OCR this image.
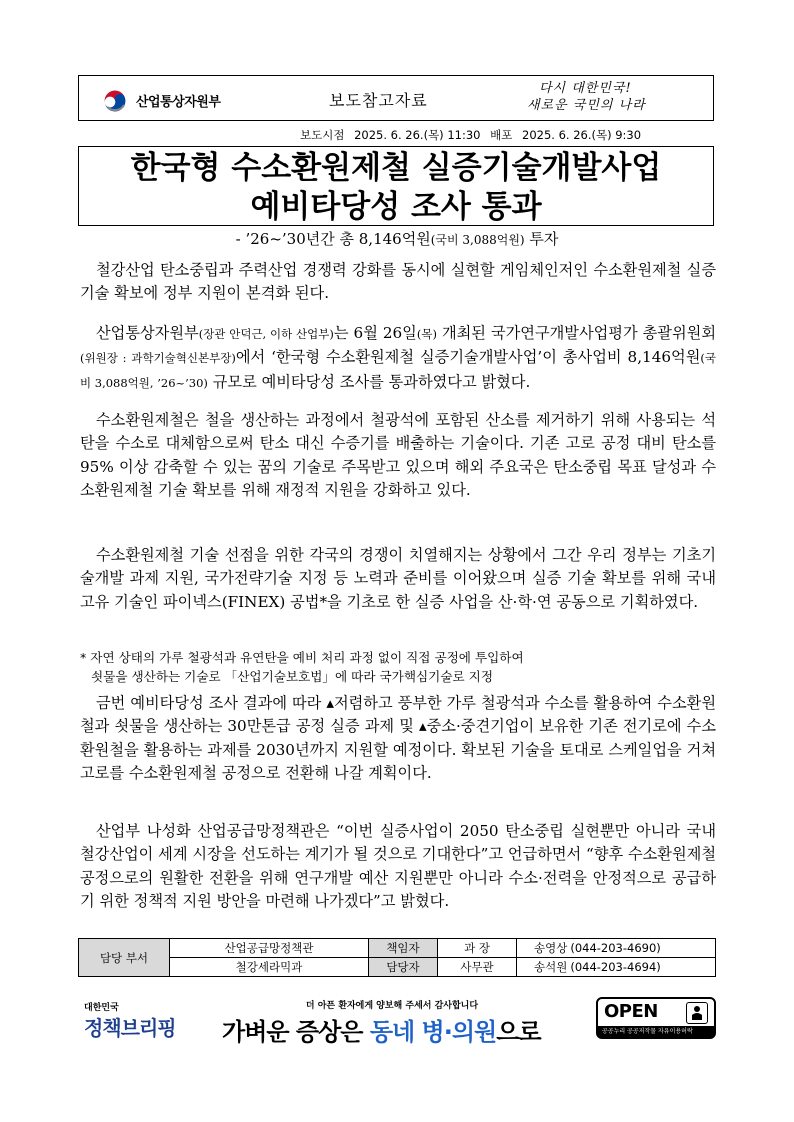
산업통상자원부	보도참고자료
다시 대한민국!
새로운 국민의 나라
보도시점 2025. 6. 26.(목) 11:30 배포 2025. 6. 26.(목) 9:30
한국형 수소환원제철 실증기술개발사업
예비타당성 조사 통과
- ’26~’30년간 총 8,146억원(국비 3,088억원) 투자

철강산업 탄소중립과 주력산업 경쟁력 강화를 동시에 실현할 게임체인저인 수소환원제철 실증기술 확보에 정부 지원이 본격화 된다.

산업통상자원부(장관 안덕근, 이하 산업부)는 6월 26일(목) 개최된 국가연구개발사업평가 총괄위원회(위원장 : 과학기술혁신본부장)에서 ‘한국형 수소환원제철 실증기술개발사업’이 총사업비 8,146억원(국비 3,088억원, ’26~’30) 규모로 예비타당성 조사를 통과하였다고 밝혔다.

수소환원제철은 철을 생산하는 과정에서 철광석에 포함된 산소를 제거하기 위해 사용되는 석탄을 수소로 대체함으로써 탄소 대신 수증기를 배출하는 기술이다. 기존 고로 공정 대비 탄소를 95% 이상 감축할 수 있는 꿈의 기술로 주목받고 있으며 해외 주요국은 탄소중립 목표 달성과 수소환원제철 기술 확보를 위해 재정적 지원을 강화하고 있다.

수소환원제철 기술 선점을 위한 각국의 경쟁이 치열해지는 상황에서 그간 우리 정부는 기초기술개발 과제 지원, 국가전략기술 지정 등 노력과 준비를 이어왔으며 실증 기술 확보를 위해 국내 고유 기술인 파이넥스(FINEX) 공법*을 기초로 한 실증 사업을 산·학·연 공동으로 기획하였다.

* 자연 상태의 가루 철광석과 유연탄을 예비 처리 과정 없이 직접 공정에 투입하여
쇳물을 생산하는 기술로 「산업기술보호법」에 따라 국가핵심기술로 지정

금번 예비타당성 조사 결과에 따라 ▴저렴하고 풍부한 가루 철광석과 수소를 활용하여 수소환원철과 쇳물을 생산하는 30만톤급 공정 실증 과제 및 ▴중소·중견기업이 보유한 기존 전기로에 수소환원철을 활용하는 과제를 2030년까지 지원할 예정이다. 확보된 기술을 토대로 스케일업을 거쳐 고로를 수소환원제철 공정으로 전환해 나갈 계획이다.

산업부 나성화 산업공급망정책관은 “이번 실증사업이 2050 탄소중립 실현뿐만 아니라 국내 철강산업이 세계 시장을 선도하는 계기가 될 것으로 기대한다”고 언급하면서 “향후 수소환원제철 공정으로의 원활한 전환을 위해 연구개발 예산 지원뿐만 아니라 수소·전력을 안정적으로 공급하기 위한 정책적 지원 방안을 마련해 나가겠다”고 밝혔다.

담당 부서	산업공급망정책관	책임자	과 장	송영상 (044-203-4690)
	철강세라믹과	담당자	사무관	송석원 (044-203-4694)
대한민국
정책브리핑
더 아픈 환자에게 양보해 주세서 감사합니다
가벼운 증상은 동네 병·의원으로
OPEN
공공누리 공공저작물 자유이용허락
